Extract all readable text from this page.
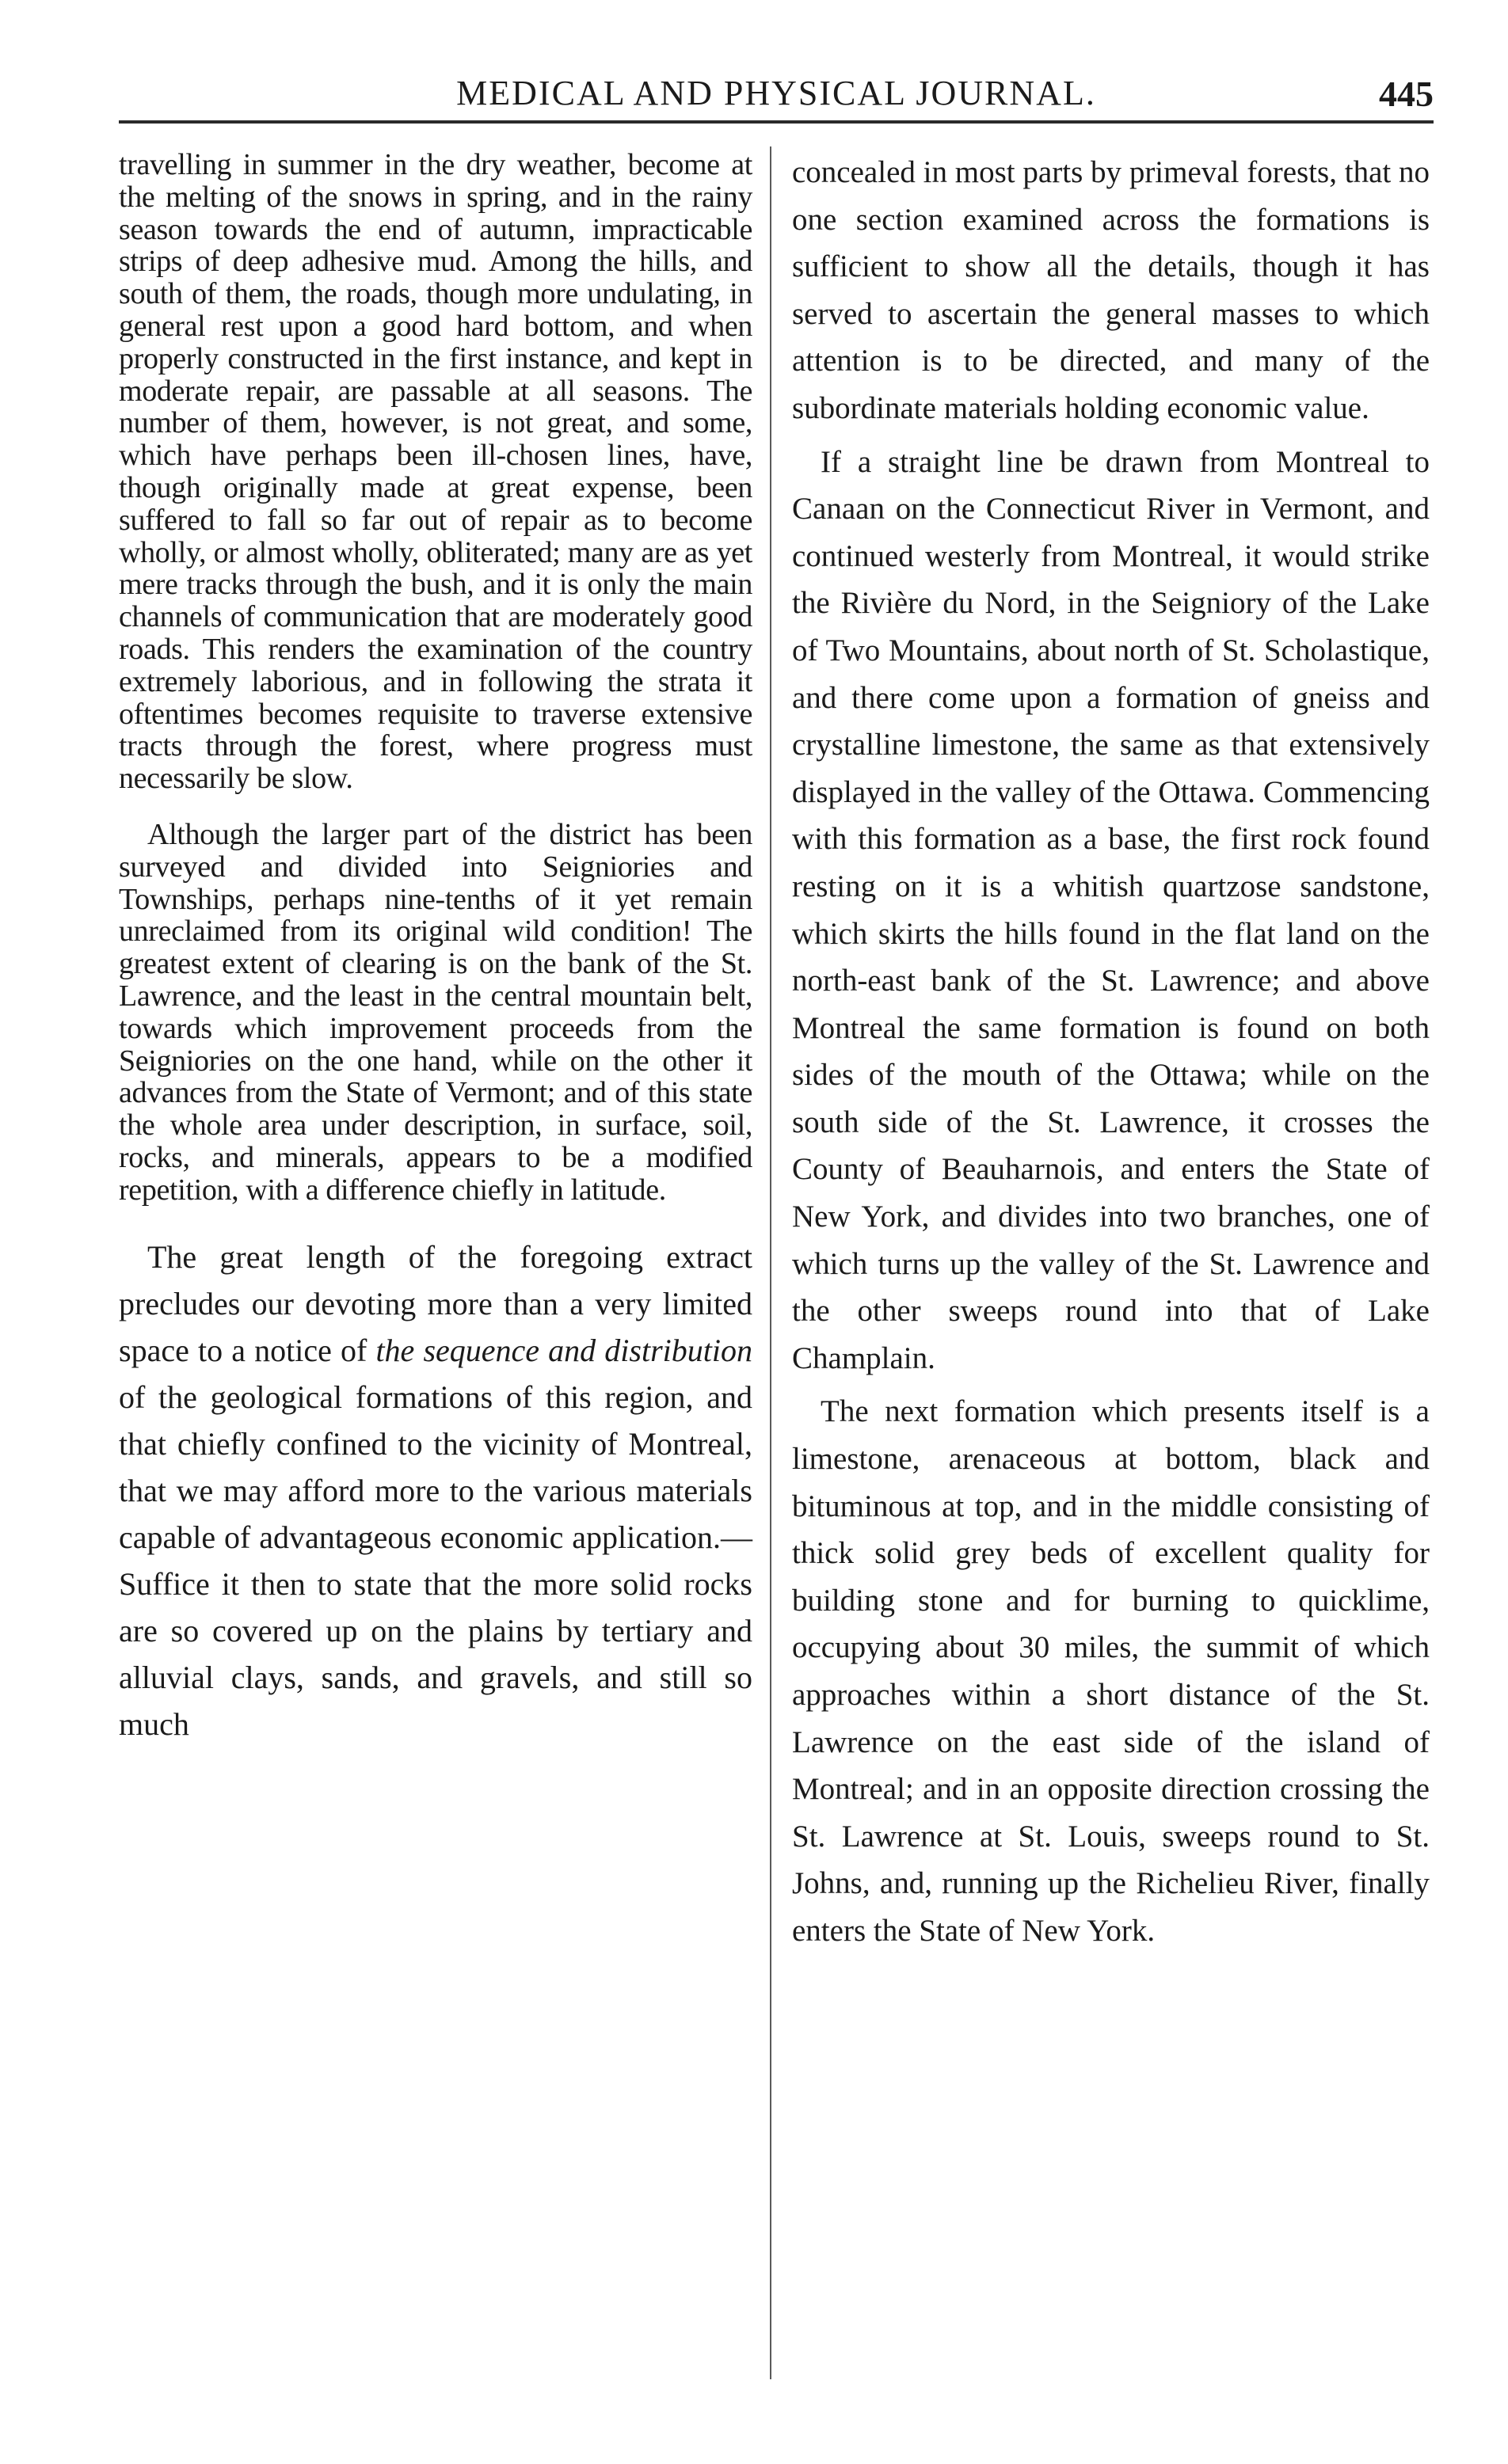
MEDICAL AND PHYSICAL JOURNAL.	445

travelling in summer in the dry weather, become at the melting of the snows in spring, and in the rainy season towards the end of autumn, impracticable strips of deep adhesive mud. Among the hills, and south of them, the roads, though more undulating, in general rest upon a good hard bottom, and when properly constructed in the first instance, and kept in moderate repair, are passable at all seasons. The number of them, however, is not great, and some, which have perhaps been ill-chosen lines, have, though originally made at great expense, been suffered to fall so far out of repair as to become wholly, or almost wholly, obliterated; many are as yet mere tracks through the bush, and it is only the main channels of communication that are moderately good roads. This renders the examination of the country extremely laborious, and in following the strata it oftentimes becomes requisite to traverse extensive tracts through the forest, where progress must necessarily be slow.

Although the larger part of the district has been surveyed and divided into Seigniories and Townships, perhaps nine-tenths of it yet remain unreclaimed from its original wild condition! The greatest extent of clearing is on the bank of the St. Lawrence, and the least in the central mountain belt, towards which improvement proceeds from the Seigniories on the one hand, while on the other it advances from the State of Vermont; and of this state the whole area under description, in surface, soil, rocks, and minerals, appears to be a modified repetition, with a difference chiefly in latitude.

The great length of the foregoing extract precludes our devoting more than a very limited space to a notice of the sequence and distribution of the geological formations of this region, and that chiefly confined to the vicinity of Montreal, that we may afford more to the various materials capable of advantageous economic application.— Suffice it then to state that the more solid rocks are so covered up on the plains by tertiary and alluvial clays, sands, and gravels, and still so much

concealed in most parts by primeval forests, that no one section examined across the formations is sufficient to show all the details, though it has served to ascertain the general masses to which attention is to be directed, and many of the subordinate materials holding economic value.

If a straight line be drawn from Montreal to Canaan on the Connecticut River in Vermont, and continued westerly from Montreal, it would strike the Rivière du Nord, in the Seigniory of the Lake of Two Mountains, about north of St. Scholastique, and there come upon a formation of gneiss and crystalline limestone, the same as that extensively displayed in the valley of the Ottawa. Commencing with this formation as a base, the first rock found resting on it is a whitish quartzose sandstone, which skirts the hills found in the flat land on the north-east bank of the St. Lawrence; and above Montreal the same formation is found on both sides of the mouth of the Ottawa; while on the south side of the St. Lawrence, it crosses the County of Beauharnois, and enters the State of New York, and divides into two branches, one of which turns up the valley of the St. Lawrence and the other sweeps round into that of Lake Champlain.

The next formation which presents itself is a limestone, arenaceous at bottom, black and bituminous at top, and in the middle consisting of thick solid grey beds of excellent quality for building stone and for burning to quicklime, occupying about 30 miles, the summit of which approaches within a short distance of the St. Lawrence on the east side of the island of Montreal; and in an opposite direction crossing the St. Lawrence at St. Louis, sweeps round to St. Johns, and, running up the Richelieu River, finally enters the State of New York.
